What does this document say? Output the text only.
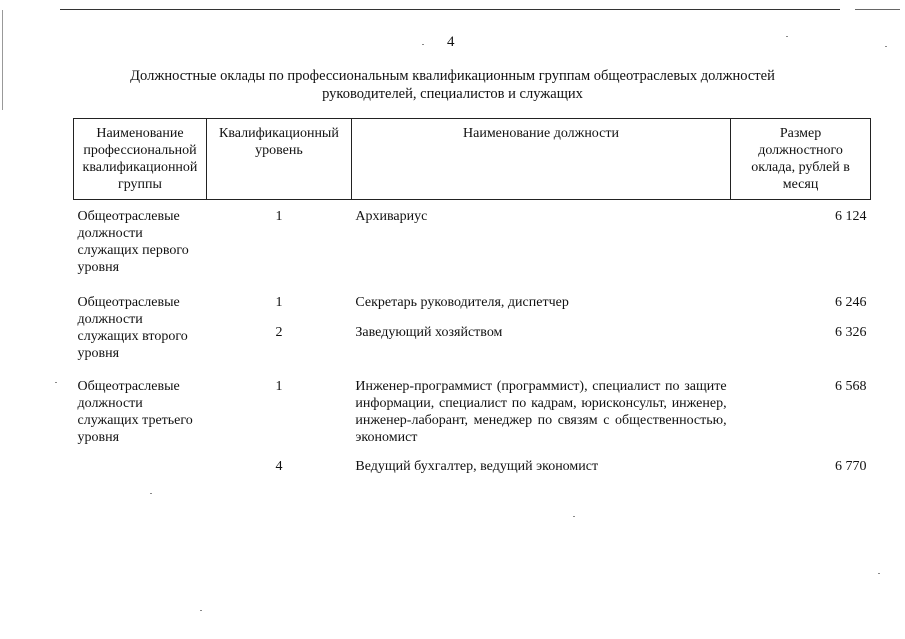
4
Должностные оклады по профессиональным квалификационным группам общеотраслевых должностей
руководителей, специалистов и служащих
Наименование профессиональной квалификационной группы	Квалификационный уровень	Наименование должности	Размер должностного оклада, рублей в месяц
Общеотраслевые должности служащих первого уровня	1	Архивариус	6 124
Общеотраслевые должности служащих второго уровня	1	Секретарь руководителя, диспетчер	6 246
	2	Заведующий хозяйством	6 326
Общеотраслевые должности служащих третьего уровня	1	Инженер-программист (программист), специалист по защите информации, специалист по кадрам, юрисконсульт, инженер, инженер-лаборант, менеджер по связям с общественностью, экономист	6 568
	4	Ведущий бухгалтер, ведущий экономист	6 770
